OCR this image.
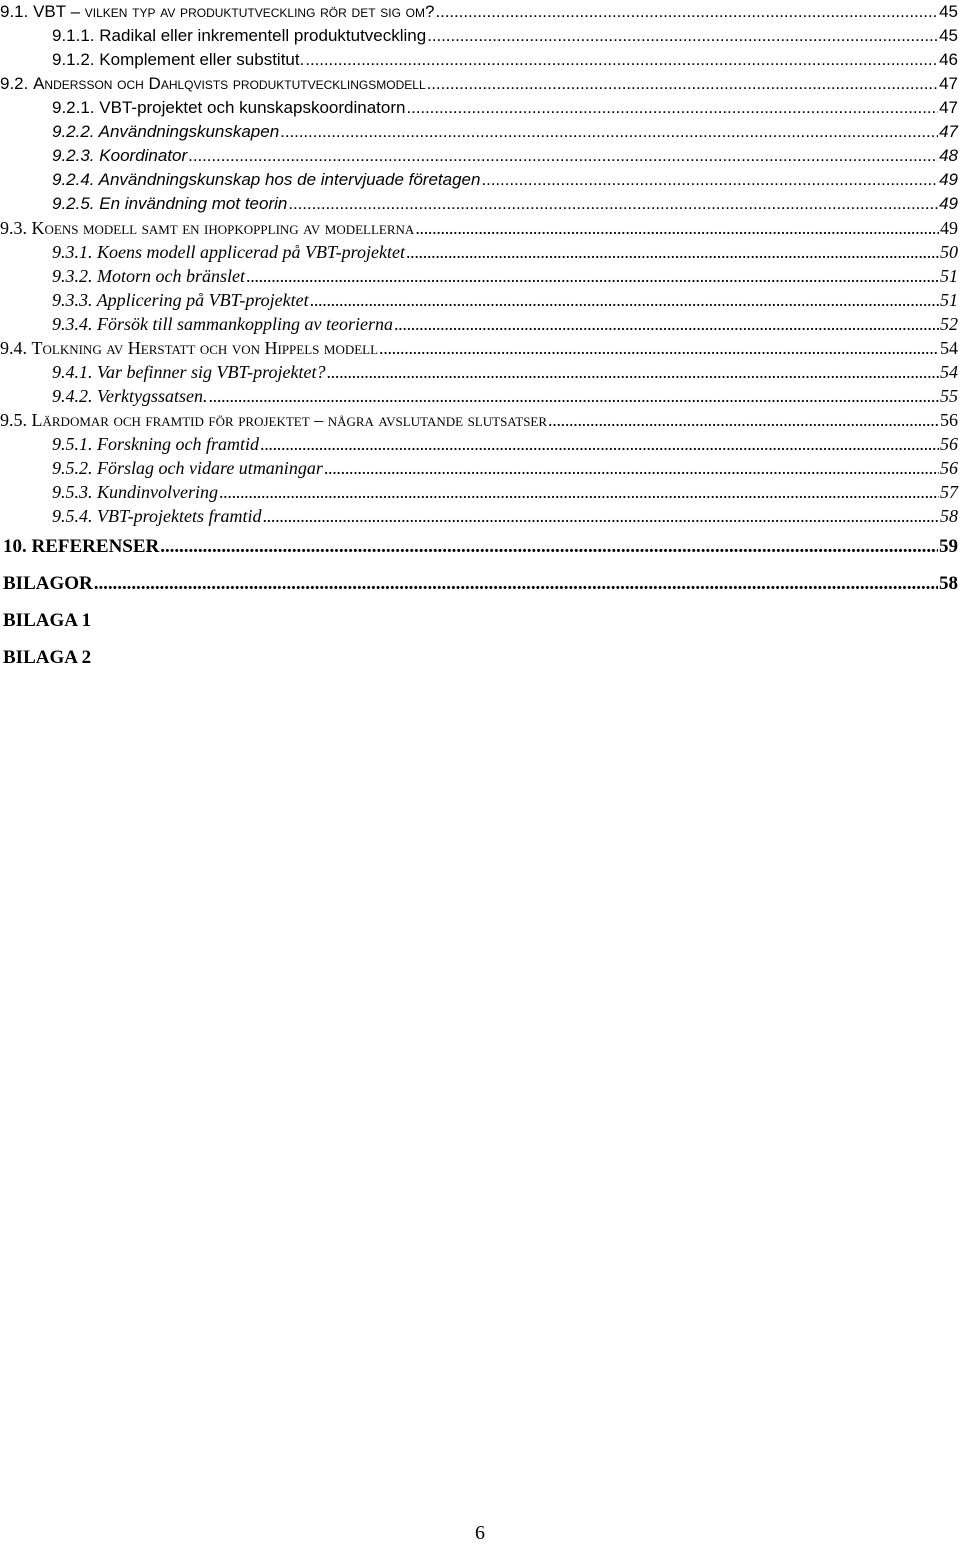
9.1. VBT – vilken typ av produktutveckling rör det sig om? . . .	45
9.1.1. Radikal eller inkrementell produktutveckling . . .	45
9.1.2. Komplement eller substitut. . . .	46
9.2. Andersson och Dahlqvists produktutvecklingsmodell . . .	47
9.2.1. VBT-projektet och kunskapskoordinatorn . . .	47
9.2.2. Användningskunskapen . . .	47
9.2.3. Koordinator . . .	48
9.2.4. Användningskunskap hos de intervjuade företagen . . .	49
9.2.5. En invändning mot teorin . . .	49
9.3. Koens modell samt en ihopkoppling av modellerna . . .	49
9.3.1. Koens modell applicerad på VBT-projektet . . .	50
9.3.2. Motorn och bränslet . . .	51
9.3.3. Applicering på VBT-projektet . . .	51
9.3.4. Försök till sammankoppling av teorierna . . .	52
9.4. Tolkning av Herstatt och von Hippels modell . . .	54
9.4.1. Var befinner sig VBT-projektet? . . .	54
9.4.2. Verktygssatsen. . . .	55
9.5. Lärdomar och framtid för projektet – några avslutande slutsatser . . .	56
9.5.1. Forskning och framtid . . .	56
9.5.2. Förslag och vidare utmaningar . . .	56
9.5.3. Kundinvolvering . . .	57
9.5.4. VBT-projektets framtid . . .	58
10. REFERENSER . . .	59
BILAGOR . . .	58
BILAGA 1
BILAGA 2
6
